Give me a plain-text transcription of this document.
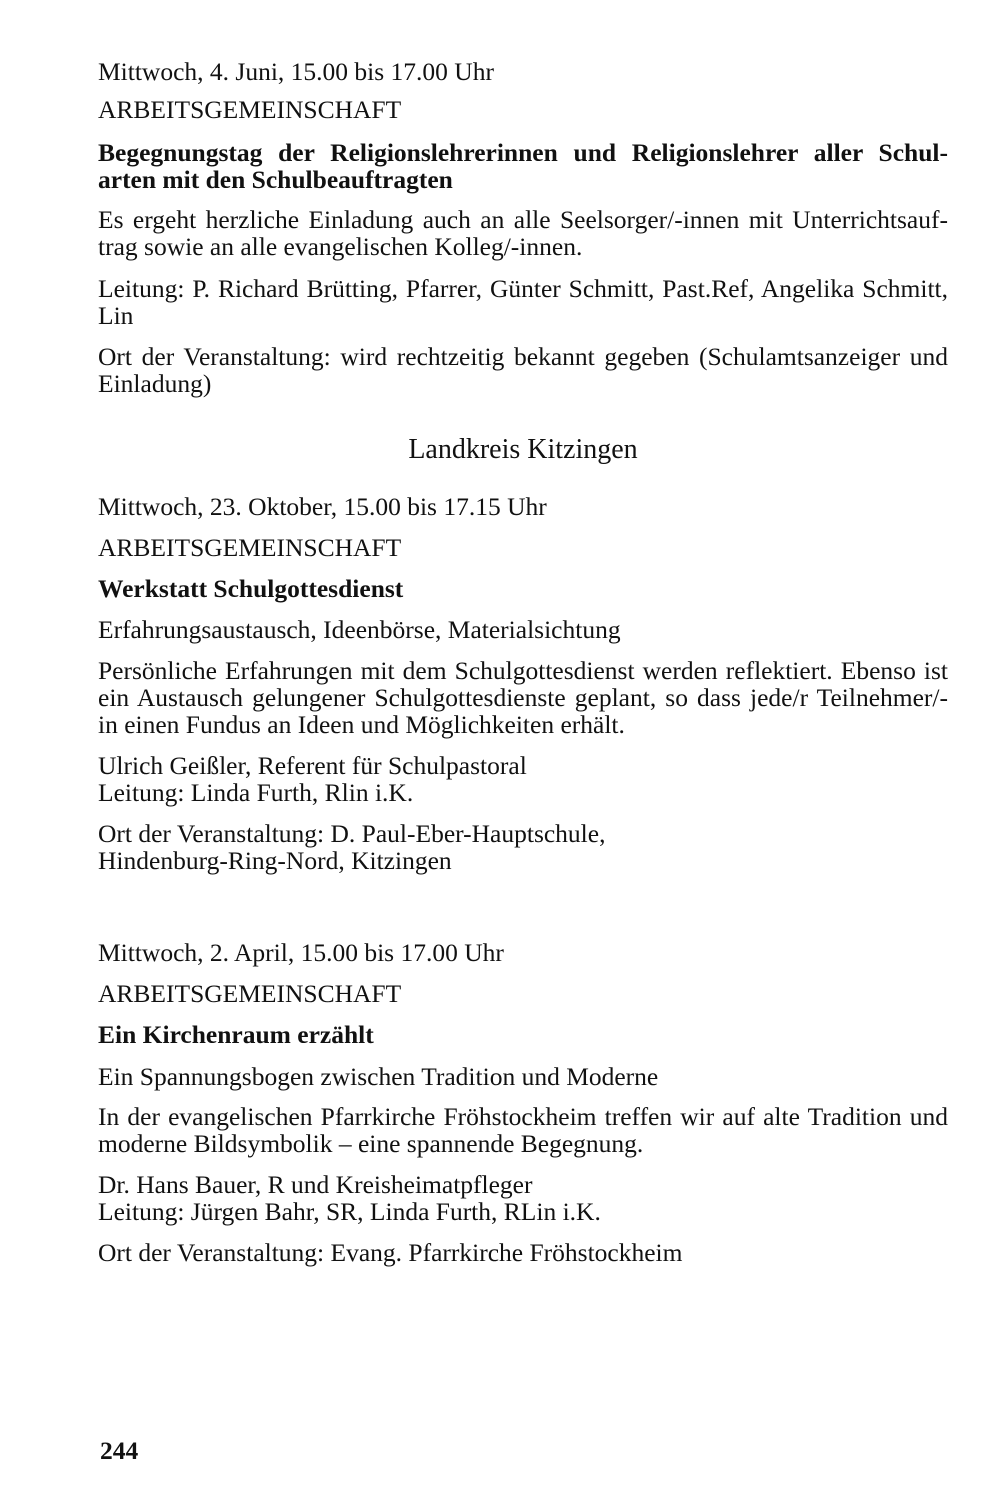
Mittwoch, 4. Juni, 15.00 bis 17.00 Uhr
ARBEITSGEMEINSCHAFT
Begegnungstag der Religionslehrerinnen und Religionslehrer aller Schul-
arten mit den Schulbeauftragten
Es ergeht herzliche Einladung auch an alle Seelsorger/-innen mit Unterrichtsauf-
trag sowie an alle evangelischen Kolleg/-innen.
Leitung: P. Richard Brütting, Pfarrer, Günter Schmitt, Past.Ref, Angelika Schmitt,
Lin
Ort der Veranstaltung: wird rechtzeitig bekannt gegeben (Schulamtsanzeiger und
Einladung)
Landkreis Kitzingen
Mittwoch, 23. Oktober, 15.00 bis 17.15 Uhr
ARBEITSGEMEINSCHAFT
Werkstatt Schulgottesdienst
Erfahrungsaustausch, Ideenbörse, Materialsichtung
Persönliche Erfahrungen mit dem Schulgottesdienst werden reflektiert. Ebenso ist
ein Austausch gelungener Schulgottesdienste geplant, so dass jede/r Teilnehmer/-
in einen Fundus an Ideen und Möglichkeiten erhält.
Ulrich Geißler, Referent für Schulpastoral
Leitung: Linda Furth, Rlin i.K.
Ort der Veranstaltung: D. Paul-Eber-Hauptschule,
Hindenburg-Ring-Nord, Kitzingen
Mittwoch, 2. April, 15.00 bis 17.00 Uhr
ARBEITSGEMEINSCHAFT
Ein Kirchenraum erzählt
Ein Spannungsbogen zwischen Tradition und Moderne
In der evangelischen Pfarrkirche Fröhstockheim treffen wir auf alte Tradition und
moderne Bildsymbolik – eine spannende Begegnung.
Dr. Hans Bauer, R und Kreisheimatpfleger
Leitung: Jürgen Bahr, SR, Linda Furth, RLin i.K.
Ort der Veranstaltung: Evang. Pfarrkirche Fröhstockheim
244
